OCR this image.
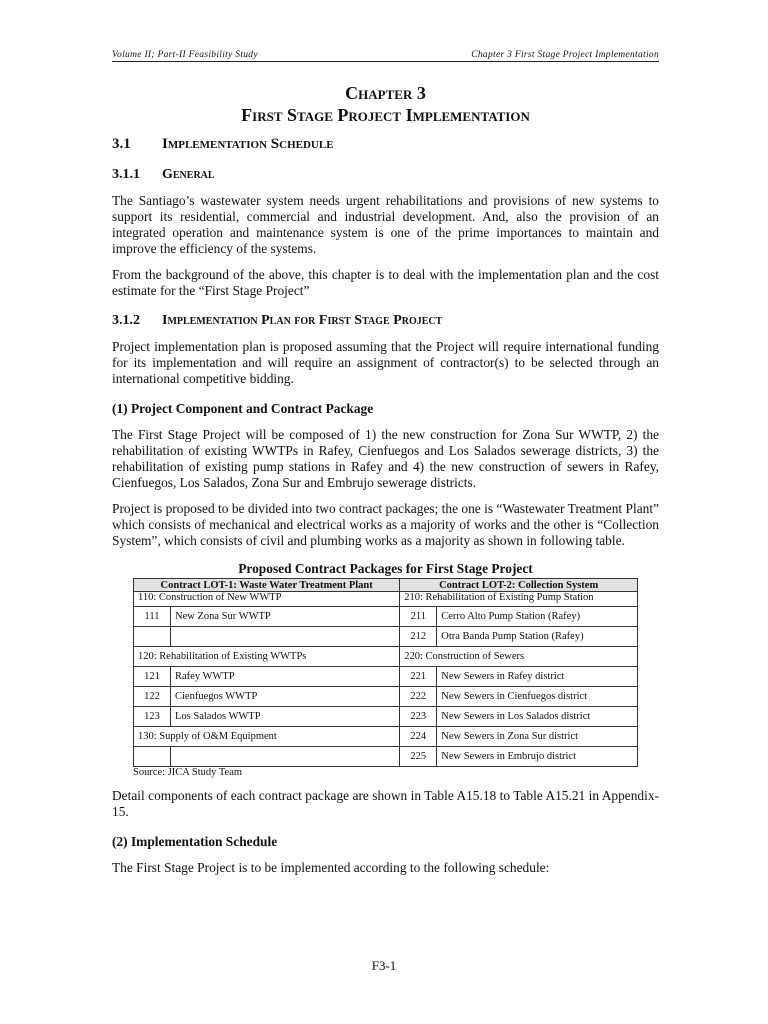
Volume II; Part-II Feasibility Study	Chapter 3 First Stage Project Implementation
Chapter 3
First Stage Project Implementation
3.1	Implementation Schedule
3.1.1	General

The Santiago’s wastewater system needs urgent rehabilitations and provisions of new systems to support its residential, commercial and industrial development. And, also the provision of an integrated operation and maintenance system is one of the prime importances to maintain and improve the efficiency of the systems.

From the background of the above, this chapter is to deal with the implementation plan and the cost estimate for the “First Stage Project”

3.1.2	Implementation Plan for First Stage Project

Project implementation plan is proposed assuming that the Project will require international funding for its implementation and will require an assignment of contractor(s) to be selected through an international competitive bidding.

(1) Project Component and Contract Package

The First Stage Project will be composed of 1) the new construction for Zona Sur WWTP, 2) the rehabilitation of existing WWTPs in Rafey, Cienfuegos and Los Salados sewerage districts, 3) the rehabilitation of existing pump stations in Rafey and 4) the new construction of sewers in Rafey, Cienfuegos, Los Salados, Zona Sur and Embrujo sewerage districts.

Project is proposed to be divided into two contract packages; the one is “Wastewater Treatment Plant” which consists of mechanical and electrical works as a majority of works and the other is “Collection System”, which consists of civil and plumbing works as a majority as shown in following table.

Proposed Contract Packages for First Stage Project
Contract LOT-1: Waste Water Treatment Plant		Contract LOT-2: Collection System	
110: Construction of New WWTP		210: Rehabilitation of Existing Pump Station	
111	New Zona Sur WWTP	211	Cerro Alto Pump Station (Rafey)
		212	Otra Banda Pump Station (Rafey)
120: Rehabilitation of Existing WWTPs		220: Construction of Sewers	
121	Rafey WWTP	221	New Sewers in Rafey district
122	Cienfuegos WWTP	222	New Sewers in Cienfuegos district
123	Los Salados WWTP	223	New Sewers in Los Salados district
130: Supply of O&M Equipment		224	New Sewers in Zona Sur district
		225	New Sewers in Embrujo district
Source: JICA Study Team

Detail components of each contract package are shown in Table A15.18 to Table A15.21 in Appendix-15.

(2) Implementation Schedule

The First Stage Project is to be implemented according to the following schedule:

F3-1
